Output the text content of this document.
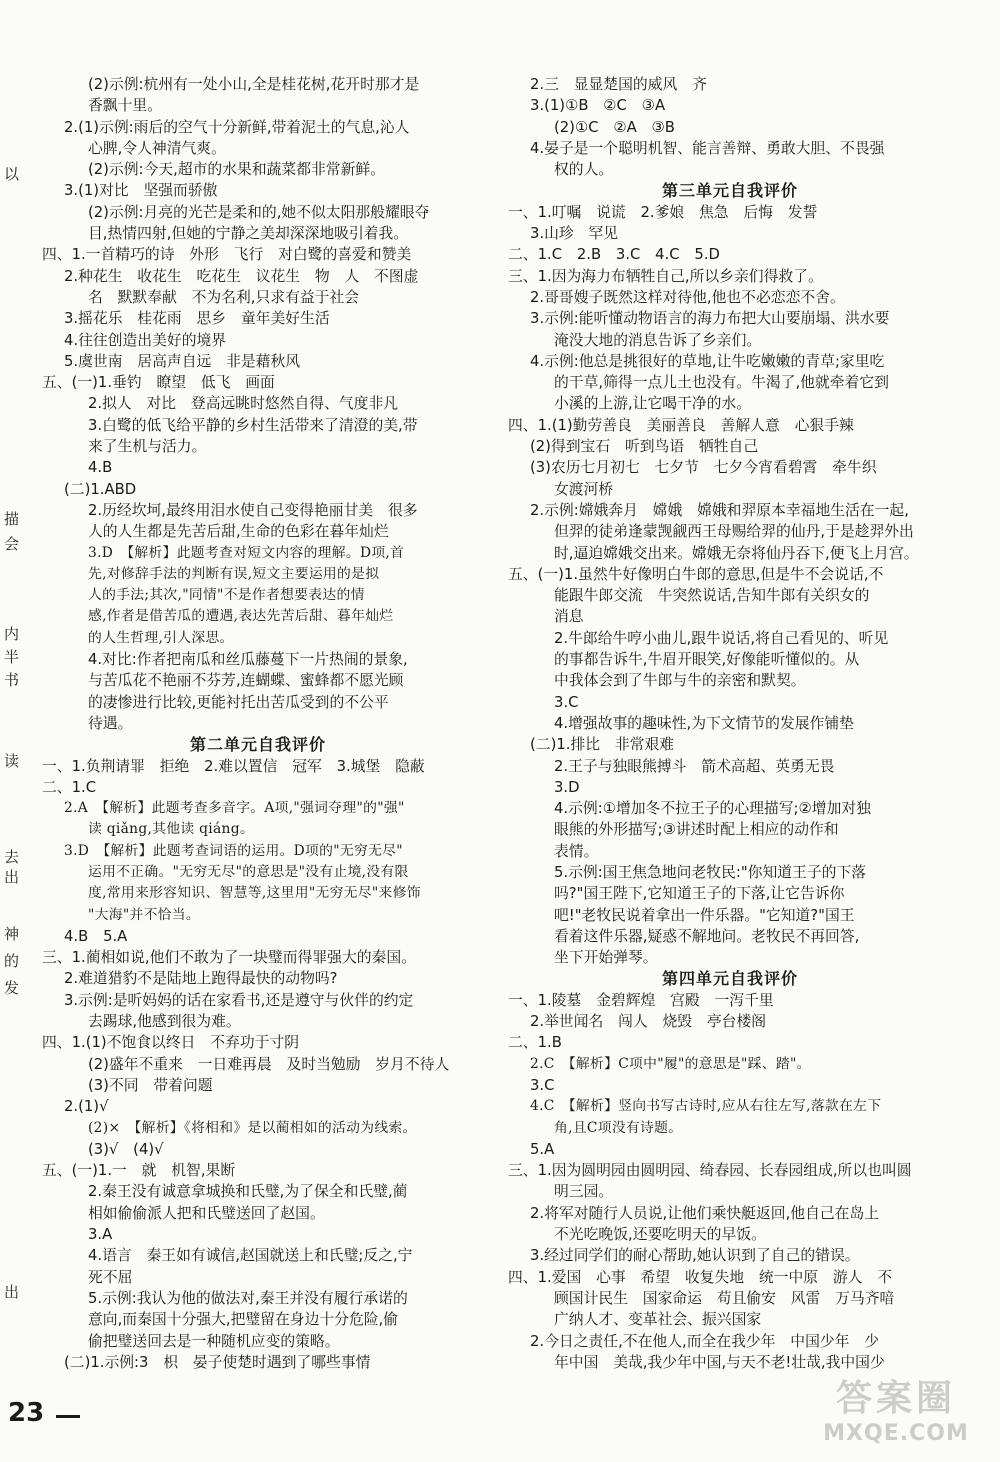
以
描
会
内
半
书
读
去
出
神
的
发
出
(2)示例:杭州有一处小山,全是桂花树,花开时那才是
香飘十里。
2.(1)示例:雨后的空气十分新鲜,带着泥土的气息,沁人
心脾,令人神清气爽。
(2)示例:今天,超市的水果和蔬菜都非常新鲜。
3.(1)对比　坚强而骄傲
(2)示例:月亮的光芒是柔和的,她不似太阳那般耀眼夺
目,热情四射,但她的宁静之美却深深地吸引着我。
四、1.一首精巧的诗　外形　飞行　对白鹭的喜爱和赞美
2.种花生　收花生　吃花生　议花生　物　人　不图虚
名　默默奉献　不为名利,只求有益于社会
3.摇花乐　桂花雨　思乡　童年美好生活
4.往往创造出美好的境界
5.虞世南　居高声自远　非是藉秋风
五、(一)1.垂钓　瞭望　低飞　画面
2.拟人　对比　登高远眺时悠然自得、气度非凡
3.白鹭的低飞给平静的乡村生活带来了清澄的美,带
来了生机与活力。
4.B
(二)1.ABD
2.历经坎坷,最终用泪水使自己变得艳丽甘美　很多
人的人生都是先苦后甜,生命的色彩在暮年灿烂
3.D　【解析】此题考查对短文内容的理解。D项,首
先,对修辞手法的判断有误,短文主要运用的是拟
人的手法;其次,"同情"不是作者想要表达的情
感,作者是借苦瓜的遭遇,表达先苦后甜、暮年灿烂
的人生哲理,引人深思。
4.对比:作者把南瓜和丝瓜藤蔓下一片热闹的景象,
与苦瓜花不艳丽不芬芳,连蝴蝶、蜜蜂都不愿光顾
的凄惨进行比较,更能衬托出苦瓜受到的不公平
待遇。
第二单元自我评价
一、1.负荆请罪　拒绝　2.难以置信　冠军　3.城堡　隐蔽
二、1.C
2.A　【解析】此题考查多音字。A项,"强词夺理"的"强"
读 qiǎng,其他读 qiáng。
3.D　【解析】此题考查词语的运用。D项的"无穷无尽"
运用不正确。"无穷无尽"的意思是"没有止境,没有限
度,常用来形容知识、智慧等,这里用"无穷无尽"来修饰
"大海"并不恰当。
4.B　5.A
三、1.蔺相如说,他们不敢为了一块璧而得罪强大的秦国。
2.难道猎豹不是陆地上跑得最快的动物吗?
3.示例:是听妈妈的话在家看书,还是遵守与伙伴的约定
去踢球,他感到很为难。
四、1.(1)不饱食以终日　不弃功于寸阴
(2)盛年不重来　一日难再晨　及时当勉励　岁月不待人
(3)不同　带着问题
2.(1)√
(2)×　【解析】《将相和》是以蔺相如的活动为线索。
(3)√　(4)√
五、(一)1.一　就　机智,果断
2.秦王没有诚意拿城换和氏璧,为了保全和氏璧,蔺
相如偷偷派人把和氏璧送回了赵国。
3.A
4.语言　秦王如有诚信,赵国就送上和氏璧;反之,宁
死不屈
5.示例:我认为他的做法对,秦王并没有履行承诺的
意向,而秦国十分强大,把璧留在身边十分危险,偷
偷把璧送回去是一种随机应变的策略。
(二)1.示例:3　枳　晏子使楚时遇到了哪些事情
2.三　显显楚国的威风　齐
3.(1)①B　②C　③A
(2)①C　②A　③B
4.晏子是一个聪明机智、能言善辩、勇敢大胆、不畏强
权的人。
第三单元自我评价
一、1.叮嘱　说谎　2.爹娘　焦急　后悔　发誓
3.山珍　罕见
二、1.C　2.B　3.C　4.C　5.D
三、1.因为海力布牺牲自己,所以乡亲们得救了。
2.哥哥嫂子既然这样对待他,他也不必恋恋不舍。
3.示例:能听懂动物语言的海力布把大山要崩塌、洪水要
淹没大地的消息告诉了乡亲们。
4.示例:他总是挑很好的草地,让牛吃嫩嫩的青草;家里吃
的干草,筛得一点儿土也没有。牛渴了,他就牵着它到
小溪的上游,让它喝干净的水。
四、1.(1)勤劳善良　美丽善良　善解人意　心狠手辣
(2)得到宝石　听到鸟语　牺牲自己
(3)农历七月初七　七夕节　七夕今宵看碧霄　牵牛织
女渡河桥
2.示例:嫦娥奔月　嫦娥　嫦娥和羿原本幸福地生活在一起,
但羿的徒弟逢蒙觊觎西王母赐给羿的仙丹,于是趁羿外出
时,逼迫嫦娥交出来。嫦娥无奈将仙丹吞下,便飞上月宫。
五、(一)1.虽然牛好像明白牛郎的意思,但是牛不会说话,不
能跟牛郎交流　牛突然说话,告知牛郎有关织女的
消息
2.牛郎给牛哼小曲儿,跟牛说话,将自己看见的、听见
的事都告诉牛,牛眉开眼笑,好像能听懂似的。从
中我体会到了牛郎与牛的亲密和默契。
3.C
4.增强故事的趣味性,为下文情节的发展作铺垫
(二)1.排比　非常艰难
2.王子与独眼熊搏斗　箭术高超、英勇无畏
3.D
4.示例:①增加冬不拉王子的心理描写;②增加对独
眼熊的外形描写;③讲述时配上相应的动作和
表情。
5.示例:国王焦急地问老牧民:"你知道王子的下落
吗?"国王陛下,它知道王子的下落,让它告诉你
吧!"老牧民说着拿出一件乐器。"它知道?"国王
看着这件乐器,疑惑不解地问。老牧民不再回答,
坐下开始弹琴。
第四单元自我评价
一、1.陵墓　金碧辉煌　宫殿　一泻千里
2.举世闻名　闯人　烧毁　亭台楼阁
二、1.B
2.C　【解析】C项中"履"的意思是"踩、踏"。
3.C
4.C　【解析】竖向书写古诗时,应从右往左写,落款在左下
角,且C项没有诗题。
5.A
三、1.因为圆明园由圆明园、绮春园、长春园组成,所以也叫圆
明三园。
2.将军对随行人员说,让他们乘快艇返回,他自己在岛上
不光吃晚饭,还要吃明天的早饭。
3.经过同学们的耐心帮助,她认识到了自己的错误。
四、1.爱国　心事　希望　收复失地　统一中原　游人　不
顾国计民生　国家命运　苟且偷安　风雷　万马齐喑
广纳人才、变革社会、振兴国家
2.今日之责任,不在他人,而全在我少年　中国少年　少
年中国　美哉,我少年中国,与天不老!壮哉,我中国少
23	答案圈
MXQE.COM
